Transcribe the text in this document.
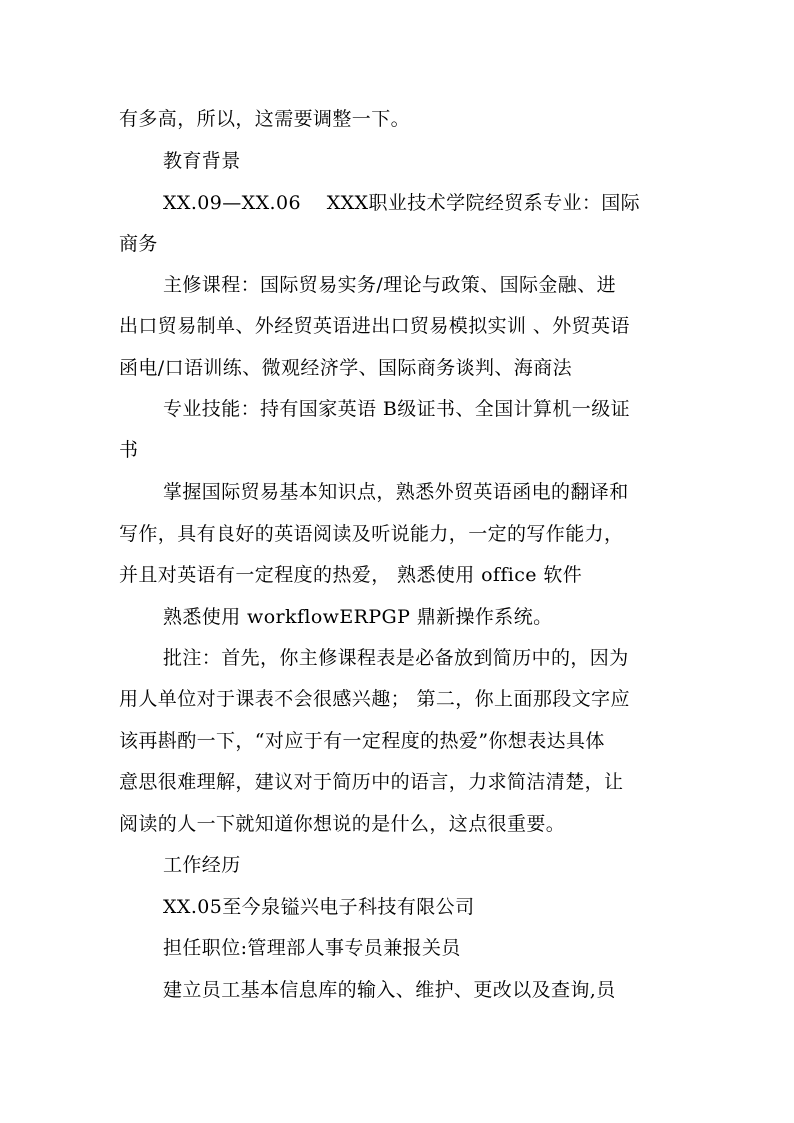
有多高，所以，这需要调整一下。
教育背景
XX.09—XX.06    XXX职业技术学院经贸系专业：国际
商务
主修课程：国际贸易实务/理论与政策、国际金融、进
出口贸易制单、外经贸英语进出口贸易模拟实训 、外贸英语
函电/口语训练、微观经济学、国际商务谈判、海商法
专业技能：持有国家英语 B级证书、全国计算机一级证
书
掌握国际贸易基本知识点，熟悉外贸英语函电的翻译和
写作，具有良好的英语阅读及听说能力，一定的写作能力，
并且对英语有一定程度的热爱， 熟悉使用 office 软件
熟悉使用 workflowERPGP 鼎新操作系统。
批注：首先，你主修课程表是必备放到简历中的，因为
用人单位对于课表不会很感兴趣； 第二，你上面那段文字应
该再斟酌一下，“对应于有一定程度的热爱”你想表达具体
意思很难理解，建议对于简历中的语言，力求简洁清楚，让
阅读的人一下就知道你想说的是什么，这点很重要。
工作经历
XX.05至今泉镒兴电子科技有限公司
担任职位:管理部人事专员兼报关员
建立员工基本信息库的输入、维护、更改以及查询,员
